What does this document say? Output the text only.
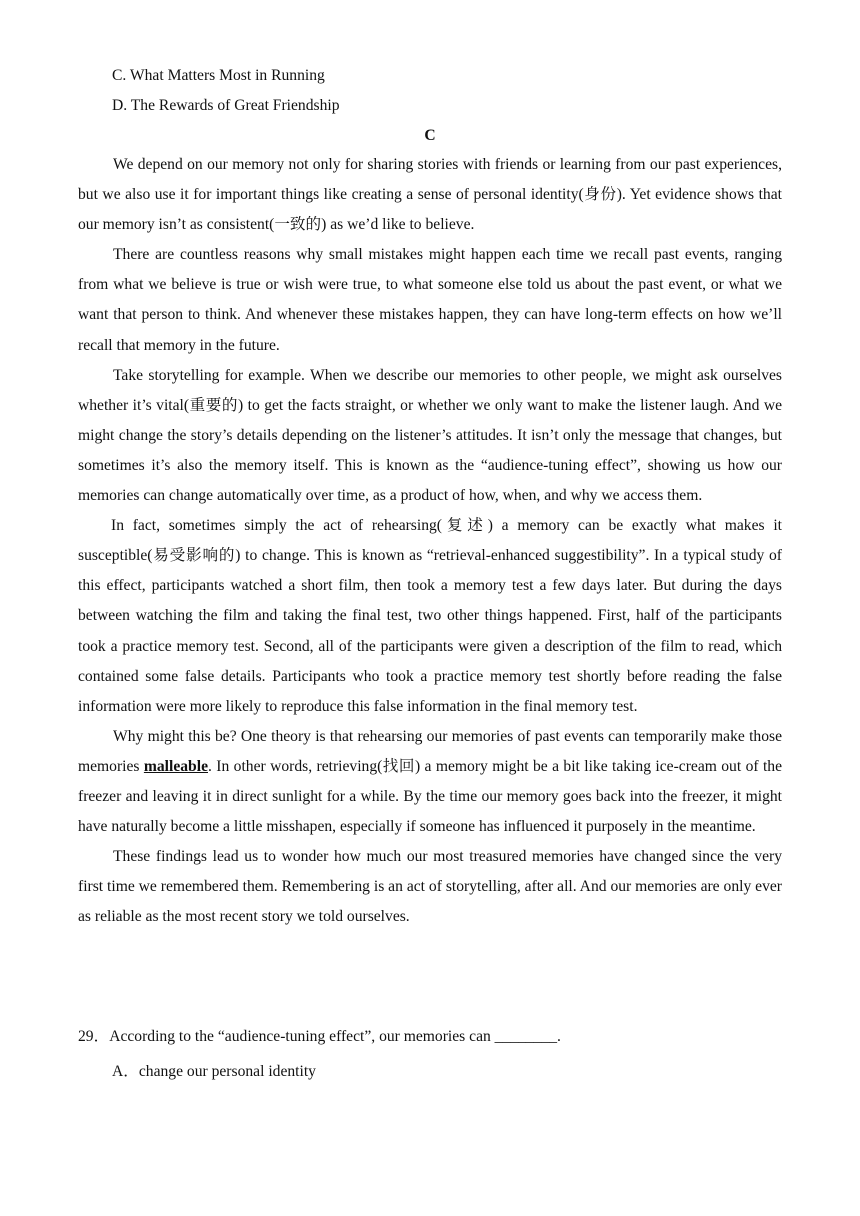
C. What Matters Most in Running
D. The Rewards of Great Friendship
C

We depend on our memory not only for sharing stories with friends or learning from our past experiences, but we also use it for important things like creating a sense of personal identity(身份). Yet evidence shows that our memory isn’t as consistent(一致的) as we’d like to believe.

There are countless reasons why small mistakes might happen each time we recall past events, ranging from what we believe is true or wish were true, to what someone else told us about the past event, or what we want that person to think. And whenever these mistakes happen, they can have long-term effects on how we’ll recall that memory in the future.

Take storytelling for example. When we describe our memories to other people, we might ask ourselves whether it’s vital(重要的) to get the facts straight, or whether we only want to make the listener laugh. And we might change the story’s details depending on the listener’s attitudes. It isn’t only the message that changes, but sometimes it’s also the memory itself. This is known as the “audience-tuning effect”, showing us how our memories can change automatically over time, as a product of how, when, and why we access them.

In fact, sometimes simply the act of rehearsing(复述) a memory can be exactly what makes it susceptible(易受影响的) to change. This is known as “retrieval-enhanced suggestibility”. In a typical study of this effect, participants watched a short film, then took a memory test a few days later. But during the days between watching the film and taking the final test, two other things happened. First, half of the participants took a practice memory test. Second, all of the participants were given a description of the film to read, which contained some false details. Participants who took a practice memory test shortly before reading the false information were more likely to reproduce this false information in the final memory test.

Why might this be? One theory is that rehearsing our memories of past events can temporarily make those memories malleable. In other words, retrieving(找回) a memory might be a bit like taking ice-cream out of the freezer and leaving it in direct sunlight for a while. By the time our memory goes back into the freezer, it might have naturally become a little misshapen, especially if someone has influenced it purposely in the meantime.

These findings lead us to wonder how much our most treasured memories have changed since the very first time we remembered them. Remembering is an act of storytelling, after all. And our memories are only ever as reliable as the most recent story we told ourselves.

29．According to the “audience-tuning effect”, our memories can ________.
A．change our personal identity
